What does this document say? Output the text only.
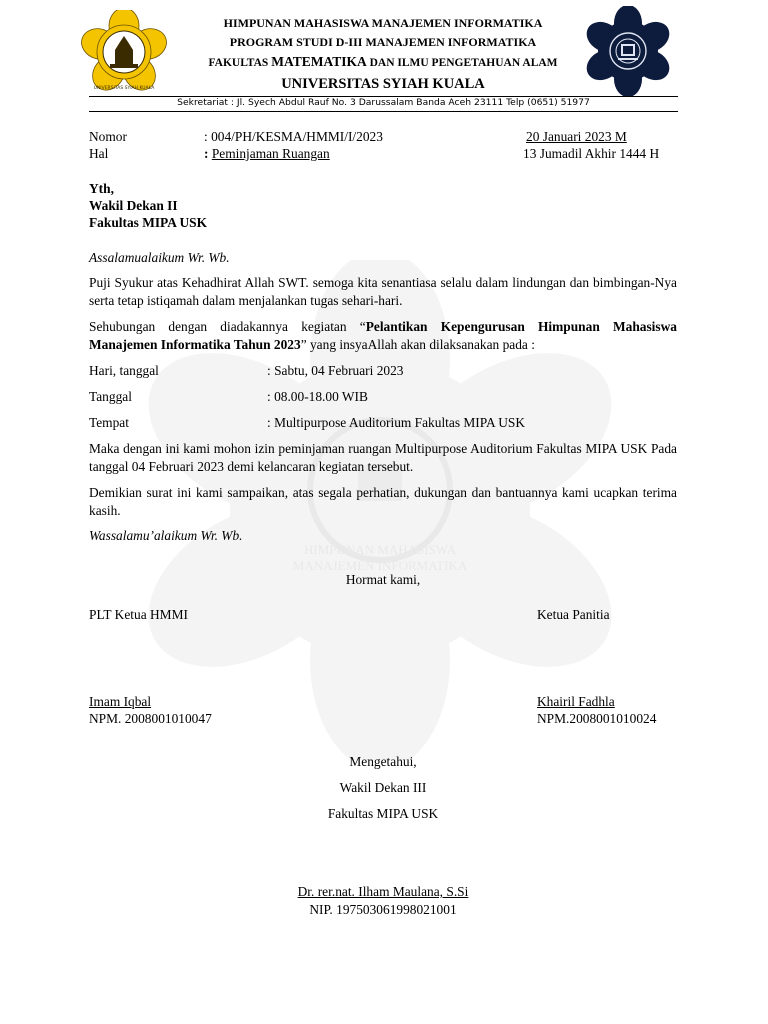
HIMPUNAN MAHASISWA
MANAJEMEN INFORMATIKA
UNIVERSITAS SYIAH KUALA
HIMPUNAN MAHASISWA MANAJEMEN INFORMATIKA
PROGRAM STUDI D-III MANAJEMEN INFORMATIKA
FAKULTAS MATEMATIKA DAN ILMU PENGETAHUAN ALAM
UNIVERSITAS SYIAH KUALA
Sekretariat : Jl. Syech Abdul Rauf No. 3 Darussalam Banda Aceh 23111 Telp (0651) 51977
Nomor	: 004/PH/KESMA/HMMI/I/2023	20 Januari 2023 M
Hal	: Peminjaman Ruangan	13 Jumadil Akhir 1444 H
Yth,
Wakil Dekan II
Fakultas MIPA USK
Assalamualaikum Wr. Wb.
Puji Syukur atas Kehadhirat Allah SWT. semoga kita senantiasa selalu dalam lindungan dan bimbingan-Nya serta tetap istiqamah dalam menjalankan tugas sehari-hari.
Sehubungan dengan diadakannya kegiatan “Pelantikan Kepengurusan Himpunan Mahasiswa Manajemen Informatika Tahun 2023” yang insyaAllah akan dilaksanakan pada :
Hari, tanggal	: Sabtu, 04 Februari 2023
Tanggal	: 08.00-18.00 WIB
Tempat	: Multipurpose Auditorium Fakultas MIPA USK
Maka dengan ini kami mohon izin peminjaman ruangan Multipurpose Auditorium Fakultas MIPA USK Pada tanggal 04 Februari 2023 demi kelancaran kegiatan tersebut.
Demikian surat ini kami sampaikan, atas segala perhatian, dukungan dan bantuannya kami ucapkan terima kasih.
Wassalamu’alaikum Wr. Wb.
Hormat kami,
PLT Ketua HMMI	Ketua Panitia
Imam Iqbal	Khairil Fadhla
NPM. 2008001010047	NPM.2008001010024
Mengetahui,
Wakil Dekan III
Fakultas MIPA USK
Dr. rer.nat. Ilham Maulana, S.Si
NIP. 197503061998021001
